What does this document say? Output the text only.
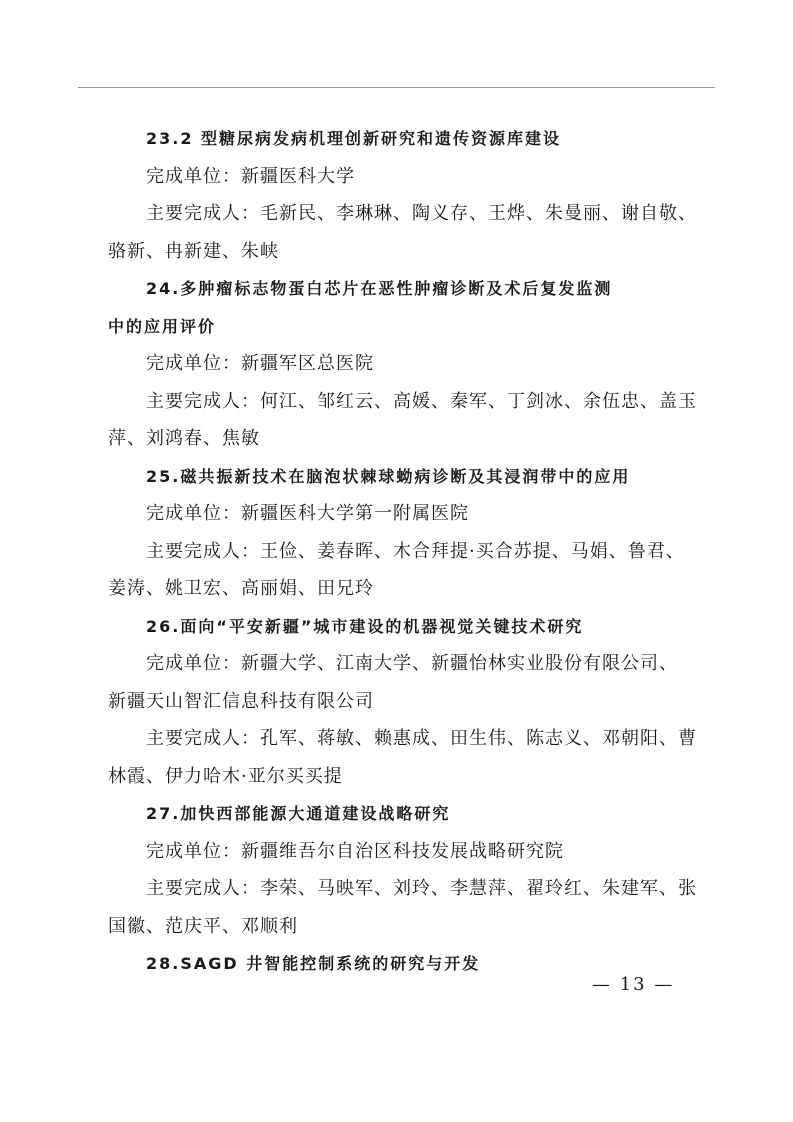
23.2 型糖尿病发病机理创新研究和遗传资源库建设
完成单位：新疆医科大学
主要完成人：毛新民、李琳琳、陶义存、王烨、朱曼丽、谢自敬、
骆新、冉新建、朱峡
24.多肿瘤标志物蛋白芯片在恶性肿瘤诊断及术后复发监测
中的应用评价
完成单位：新疆军区总医院
主要完成人：何江、邹红云、高媛、秦军、丁剑冰、余伍忠、盖玉
萍、刘鸿春、焦敏
25.磁共振新技术在脑泡状棘球蚴病诊断及其浸润带中的应用
完成单位：新疆医科大学第一附属医院
主要完成人：王俭、姜春晖、木合拜提·买合苏提、马娟、鲁君、
姜涛、姚卫宏、高丽娟、田兄玲
26.面向“平安新疆”城市建设的机器视觉关键技术研究
完成单位：新疆大学、江南大学、新疆怡林实业股份有限公司、
新疆天山智汇信息科技有限公司
主要完成人：孔军、蒋敏、赖惠成、田生伟、陈志义、邓朝阳、曹
林霞、伊力哈木·亚尔买买提
27.加快西部能源大通道建设战略研究
完成单位：新疆维吾尔自治区科技发展战略研究院
主要完成人：李荣、马映军、刘玲、李慧萍、翟玲红、朱建军、张
国徽、范庆平、邓顺利
28.SAGD 井智能控制系统的研究与开发
— 13 —
